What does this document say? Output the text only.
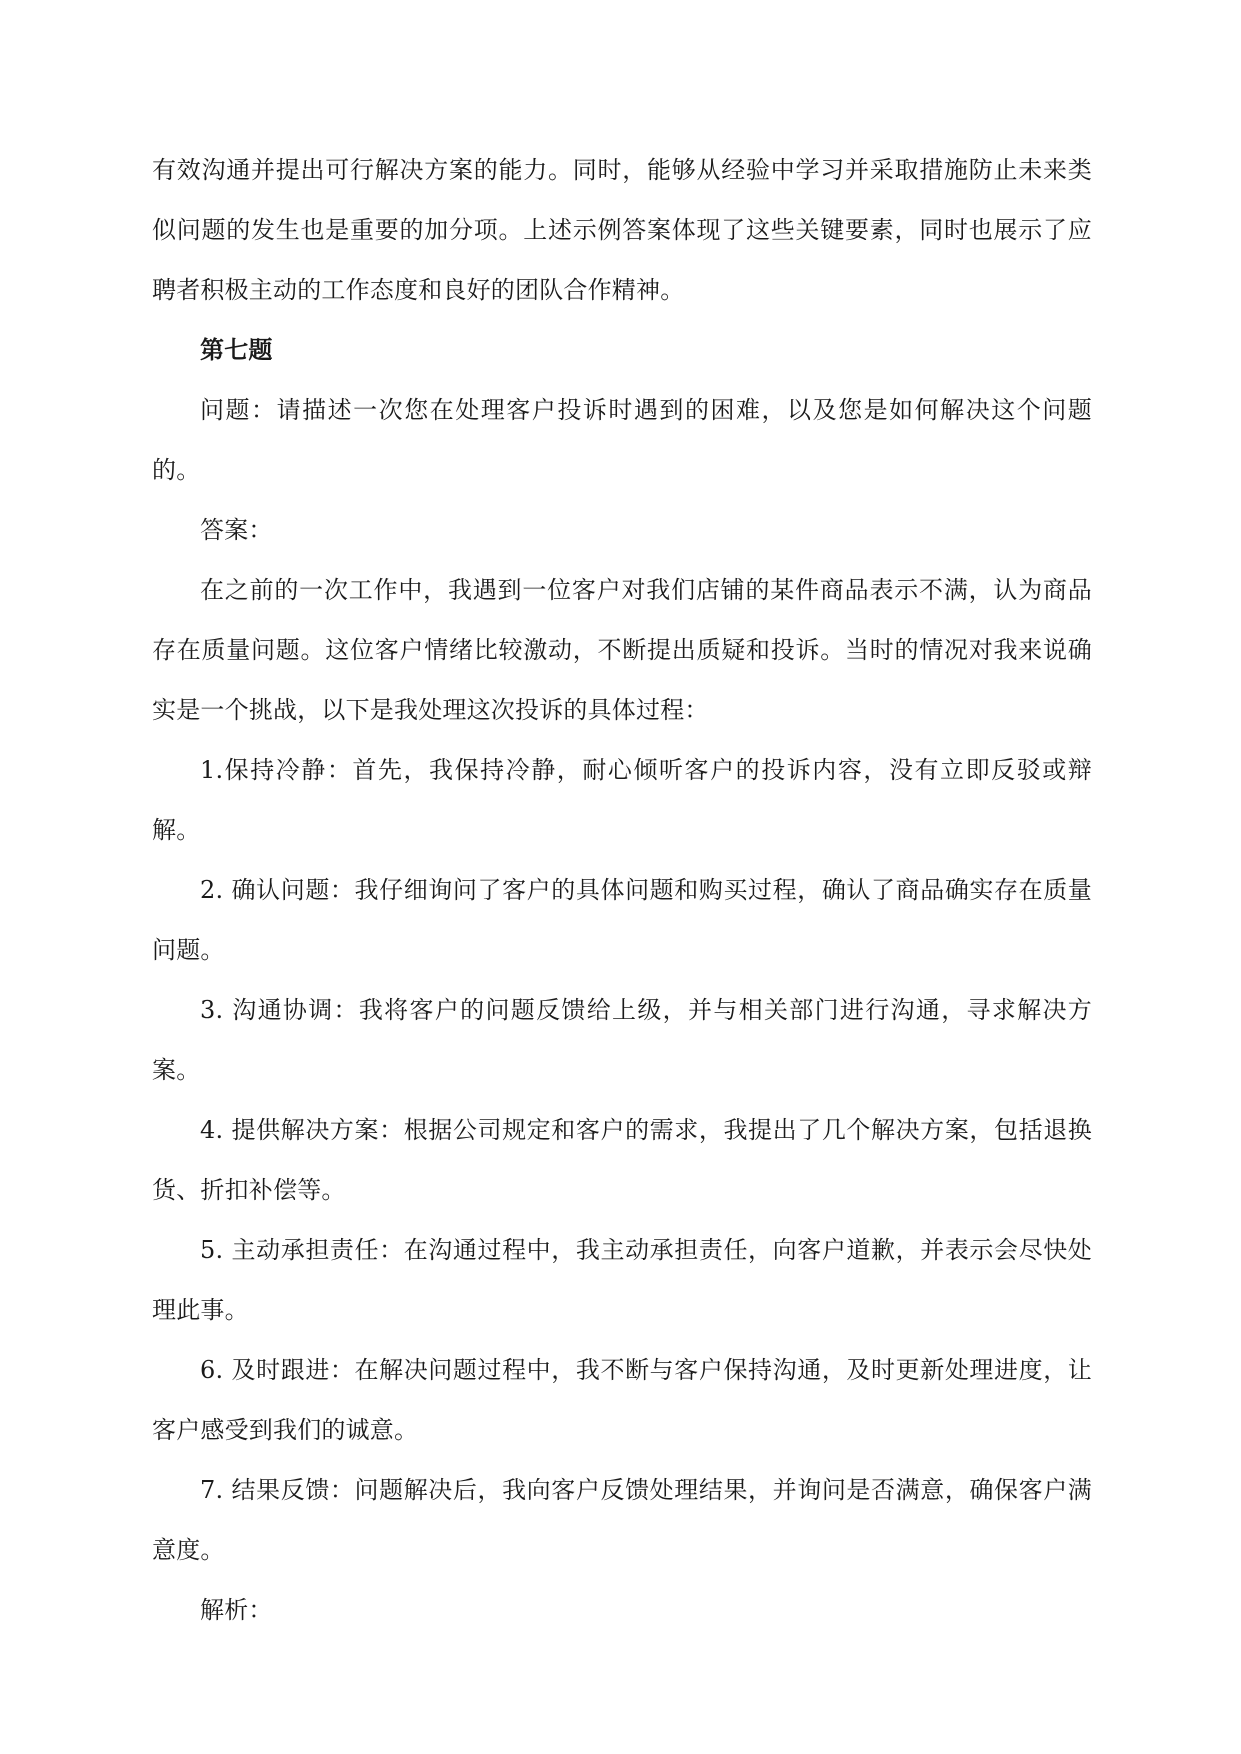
有效沟通并提出可行解决方案的能力。同时，能够从经验中学习并采取措施防止未来类似问题的发生也是重要的加分项。上述示例答案体现了这些关键要素，同时也展示了应聘者积极主动的工作态度和良好的团队合作精神。

第七题

问题：请描述一次您在处理客户投诉时遇到的困难，以及您是如何解决这个问题的。

答案：

在之前的一次工作中，我遇到一位客户对我们店铺的某件商品表示不满，认为商品存在质量问题。这位客户情绪比较激动，不断提出质疑和投诉。当时的情况对我来说确实是一个挑战，以下是我处理这次投诉的具体过程：

1.保持冷静：首先，我保持冷静，耐心倾听客户的投诉内容，没有立即反驳或辩解。

2. 确认问题：我仔细询问了客户的具体问题和购买过程，确认了商品确实存在质量问题。

3. 沟通协调：我将客户的问题反馈给上级，并与相关部门进行沟通，寻求解决方案。

4. 提供解决方案：根据公司规定和客户的需求，我提出了几个解决方案，包括退换货、折扣补偿等。

5. 主动承担责任：在沟通过程中，我主动承担责任，向客户道歉，并表示会尽快处理此事。

6. 及时跟进：在解决问题过程中，我不断与客户保持沟通，及时更新处理进度，让客户感受到我们的诚意。

7. 结果反馈：问题解决后，我向客户反馈处理结果，并询问是否满意，确保客户满意度。

解析：
